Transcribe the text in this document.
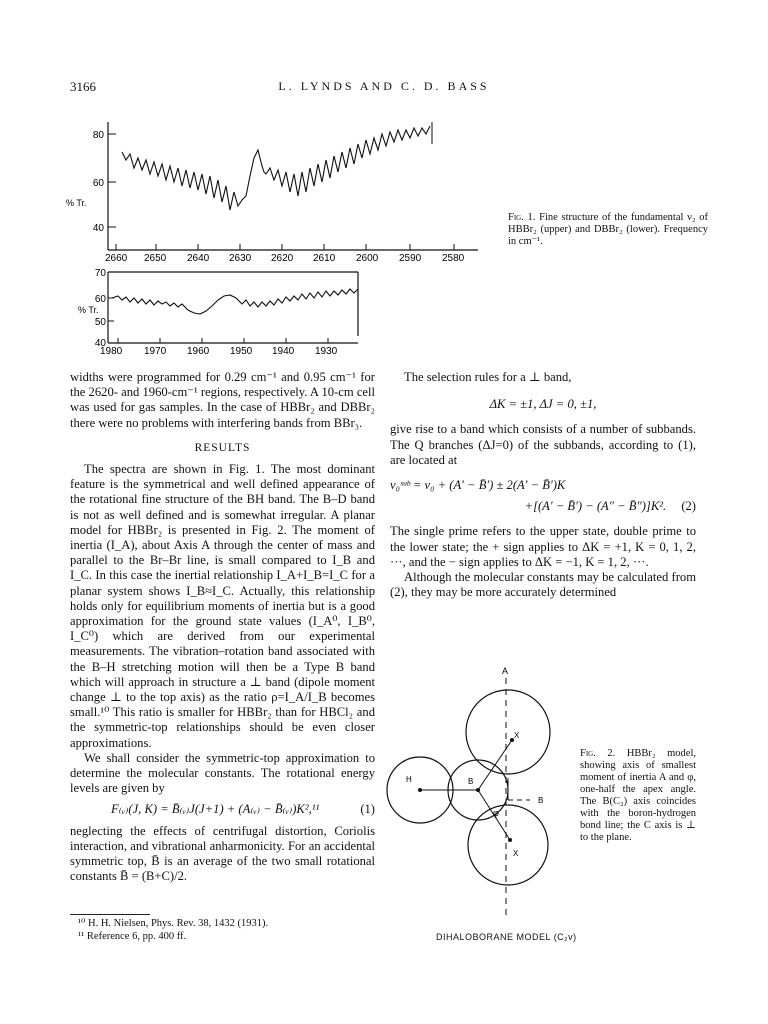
3166	L. LYNDS AND C. D. BASS
80
60
40
% Tr.
2660 2650 2640 2630 2620 2610 2600 2590 2580
70
60
50
40
% Tr.
1980 1970 1960 1950 1940 1930
Fig. 1. Fine structure of the fundamental ν₂ of HBBr₂ (upper) and DBBr₂ (lower). Frequency in cm⁻¹.

widths were programmed for 0.29 cm⁻¹ and 0.95 cm⁻¹ for the 2620- and 1960-cm⁻¹ regions, respectively. A 10-cm cell was used for gas samples. In the case of HBBr₂ and DBBr₂ there were no problems with interfering bands from BBr₃.

RESULTS

The spectra are shown in Fig. 1. The most dominant feature is the symmetrical and well defined appearance of the rotational fine structure of the BH band. The B–D band is not as well defined and is somewhat irregular. A planar model for HBBr₂ is presented in Fig. 2. The moment of inertia (I_A), about Axis A through the center of mass and parallel to the Br–Br line, is small compared to I_B and I_C. In this case the inertial relationship I_A+I_B=I_C for a planar system shows I_B≈I_C. Actually, this relationship holds only for equilibrium moments of inertia but is a good approximation for the ground state values (I_A⁰, I_B⁰, I_C⁰) which are derived from our experimental measurements. The vibration–rotation band associated with the B–H stretching motion will then be a Type B band which will approach in structure a ⊥ band (dipole moment change ⊥ to the top axis) as the ratio ρ=I_A/I_B becomes small.¹⁰ This ratio is smaller for HBBr₂ than for HBCl₂ and the symmetric-top relationships should be even closer approximations.

We shall consider the symmetric-top approximation to determine the molecular constants. The rotational energy levels are given by

F₍ᵥ₎(J, K) = B̄₍ᵥ₎J(J+1) + (A₍ᵥ₎ − B̄₍ᵥ₎)K²,¹¹	(1)

neglecting the effects of centrifugal distortion, Coriolis interaction, and vibrational anharmonicity. For an accidental symmetric top, B̄ is an average of the two small rotational constants B̄ = (B+C)/2.

¹⁰ H. H. Nielsen, Phys. Rev. 38, 1432 (1931).
¹¹ Reference 6, pp. 400 ff.

The selection rules for a ⊥ band,

ΔK = ±1, ΔJ = 0, ±1,

give rise to a band which consists of a number of subbands. The Q branches (ΔJ=0) of the subbands, according to (1), are located at

ν₀ˢᵘᵇ = ν₀ + (A′ − B̄′) ± 2(A′ − B̄′)K
+[(A′ − B̄′) − (A″ − B̄″)]K². (2)

The single prime refers to the upper state, double prime to the lower state; the + sign applies to ΔK = +1, K = 0, 1, 2, ···, and the − sign applies to ΔK = −1, K = 1, 2, ···.

Although the molecular constants may be calculated from (2), they may be more accurately determined

A
H	B
B
X
X
φ
DIHALOBORANE MODEL (C₂v)
Fig. 2. HBBr₂ model, showing axis of smallest moment of inertia A and φ, one-half the apex angle. The B(C₂) axis coincides with the boron-hydrogen bond line; the C axis is ⊥ to the plane.
